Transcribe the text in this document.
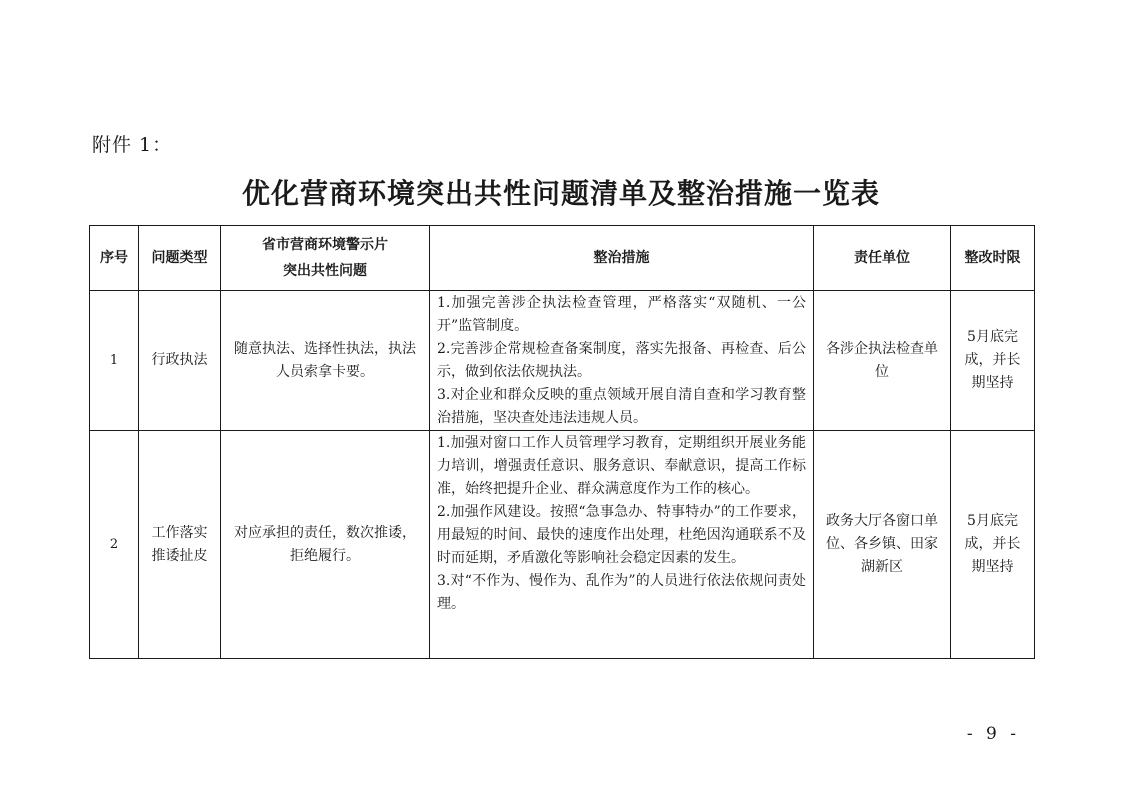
附件 1：
优化营商环境突出共性问题清单及整治措施一览表
序号	问题类型	省市营商环境警示片
突出共性问题	整治措施	责任单位	整改时限
1	行政执法	随意执法、选择性执法，执法人员索拿卡要。	1.加强完善涉企执法检查管理，严格落实“双随机、一公开”监管制度。

2.完善涉企常规检查备案制度，落实先报备、再检查、后公示，做到依法依规执法。

3.对企业和群众反映的重点领域开展自清自查和学习教育整治措施，坚决查处违法违规人员。	各涉企执法检查单位	5月底完成，并长期坚持
2	工作落实推诿扯皮	对应承担的责任，数次推诿，拒绝履行。	1.加强对窗口工作人员管理学习教育，定期组织开展业务能力培训，增强责任意识、服务意识、奉献意识，提高工作标准，始终把提升企业、群众满意度作为工作的核心。

2.加强作风建设。按照“急事急办、特事特办”的工作要求，用最短的时间、最快的速度作出处理，杜绝因沟通联系不及时而延期，矛盾激化等影响社会稳定因素的发生。

3.对“不作为、慢作为、乱作为”的人员进行依法依规问责处理。	政务大厅各窗口单位、各乡镇、田家湖新区	5月底完成，并长期坚持
- 9 -
